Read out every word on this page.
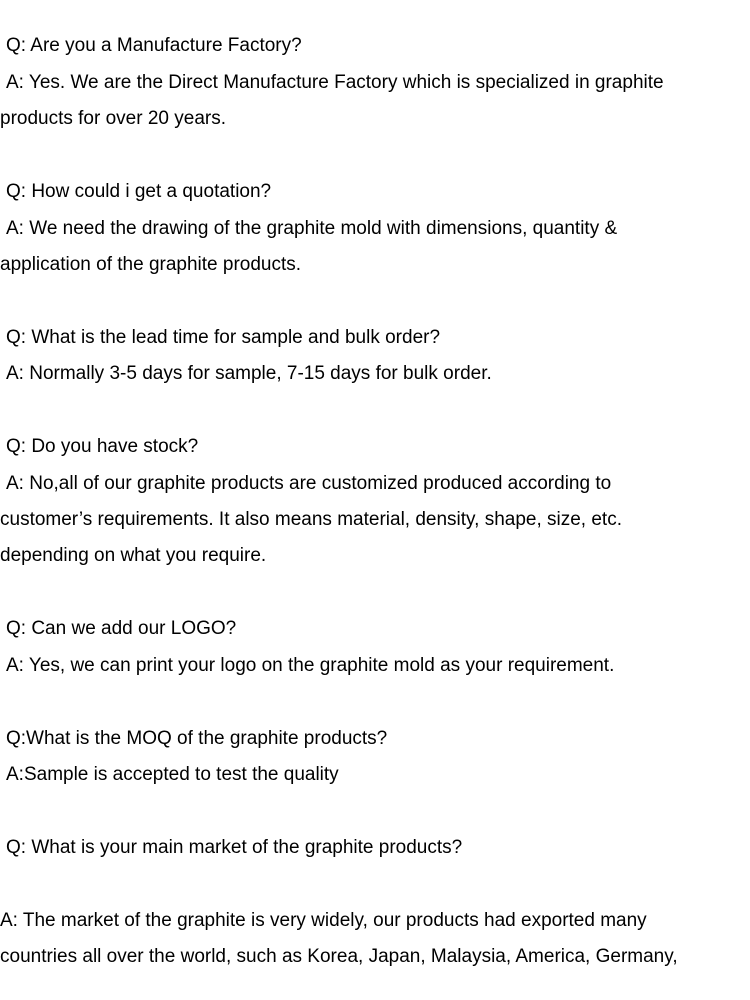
Q: Are you a Manufacture Factory?
A: Yes. We are the Direct Manufacture Factory which is specialized in graphite
products for over 20 years.
Q: How could i get a quotation?
A: We need the drawing of the graphite mold with dimensions, quantity &
application of the graphite products.
Q: What is the lead time for sample and bulk order?
A: Normally 3-5 days for sample, 7-15 days for bulk order.
Q: Do you have stock?
A: No,all of our graphite products are customized produced according to
customer’s requirements. It also means material, density, shape, size, etc.
depending on what you require.
Q: Can we add our LOGO?
A: Yes, we can print your logo on the graphite mold as your requirement.
Q:What is the MOQ of the graphite products?
A:Sample is accepted to test the quality
Q: What is your main market of the graphite products?
A: The market of the graphite is very widely, our products had exported many
countries all over the world, such as Korea, Japan, Malaysia, America, Germany,
